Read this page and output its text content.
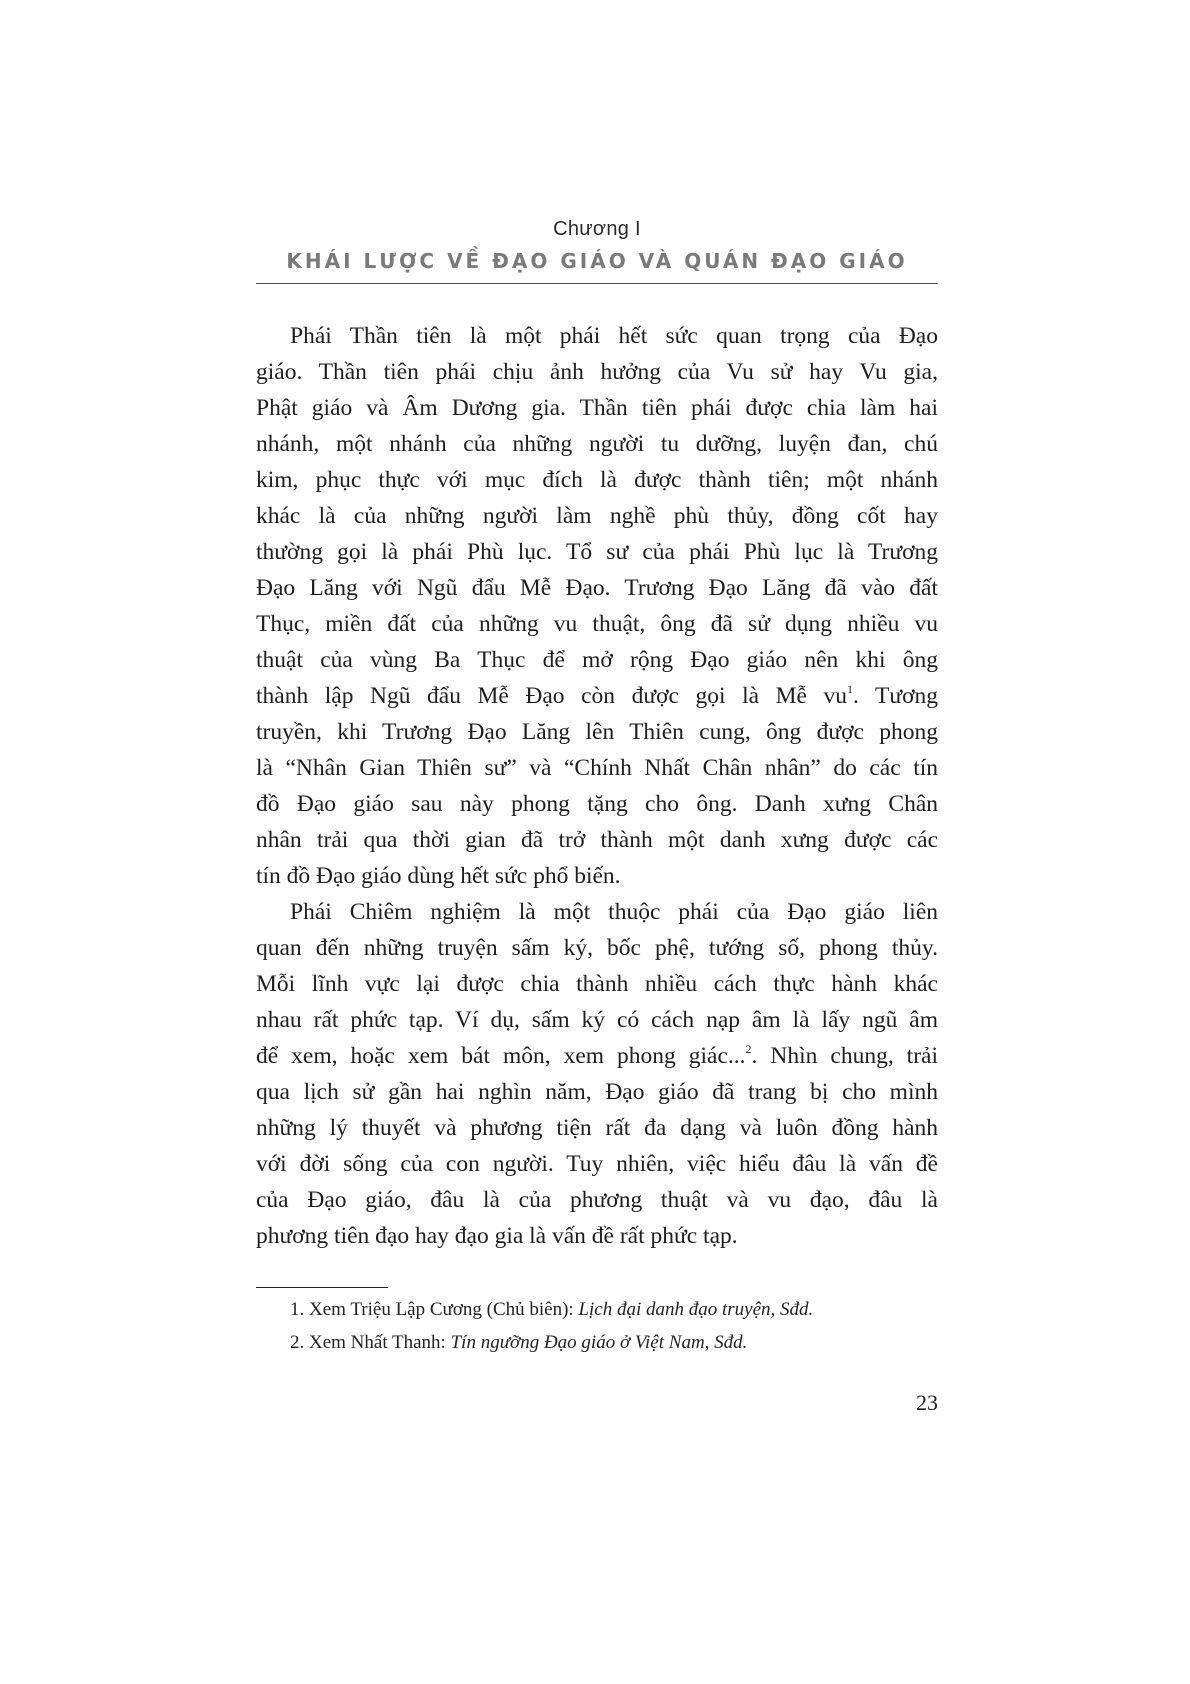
Chương I
KHÁI LƯỢC VỀ ĐẠO GIÁO VÀ QUÁN ĐẠO GIÁO
Phái Thần tiên là một phái hết sức quan trọng của Đạo
giáo. Thần tiên phái chịu ảnh hưởng của Vu sử hay Vu gia,
Phật giáo và Âm Dương gia. Thần tiên phái được chia làm hai
nhánh, một nhánh của những người tu dưỡng, luyện đan, chú
kim, phục thực với mục đích là được thành tiên; một nhánh
khác là của những người làm nghề phù thủy, đồng cốt hay
thường gọi là phái Phù lục. Tổ sư của phái Phù lục là Trương
Đạo Lăng với Ngũ đẩu Mễ Đạo. Trương Đạo Lăng đã vào đất
Thục, miền đất của những vu thuật, ông đã sử dụng nhiều vu
thuật của vùng Ba Thục để mở rộng Đạo giáo nên khi ông
thành lập Ngũ đẩu Mễ Đạo còn được gọi là Mễ $vu^1$. Tương
truyền, khi Trương Đạo Lăng lên Thiên cung, ông được phong
là “Nhân Gian Thiên sư” và “Chính Nhất Chân nhân” do các tín
đồ Đạo giáo sau này phong tặng cho ông. Danh xưng Chân
nhân trải qua thời gian đã trở thành một danh xưng được các
tín đồ Đạo giáo dùng hết sức phổ biến.
Phái Chiêm nghiệm là một thuộc phái của Đạo giáo liên
quan đến những truyện sấm ký, bốc phệ, tướng số, phong thủy.
Mỗi lĩnh vực lại được chia thành nhiều cách thực hành khác
nhau rất phức tạp. Ví dụ, sấm ký có cách nạp âm là lấy ngũ âm
để xem, hoặc xem bát môn, xem phong giác...$^2$. Nhìn chung, trải
qua lịch sử gần hai nghìn năm, Đạo giáo đã trang bị cho mình
những lý thuyết và phương tiện rất đa dạng và luôn đồng hành
với đời sống của con người. Tuy nhiên, việc hiểu đâu là vấn đề
của Đạo giáo, đâu là của phương thuật và vu đạo, đâu là
phương tiên đạo hay đạo gia là vấn đề rất phức tạp.
1. Xem Triệu Lập Cương (Chủ biên): Lịch đại danh đạo truyện, Sđd.
2. Xem Nhất Thanh: Tín ngưỡng Đạo giáo ở Việt Nam, Sđd.
23
